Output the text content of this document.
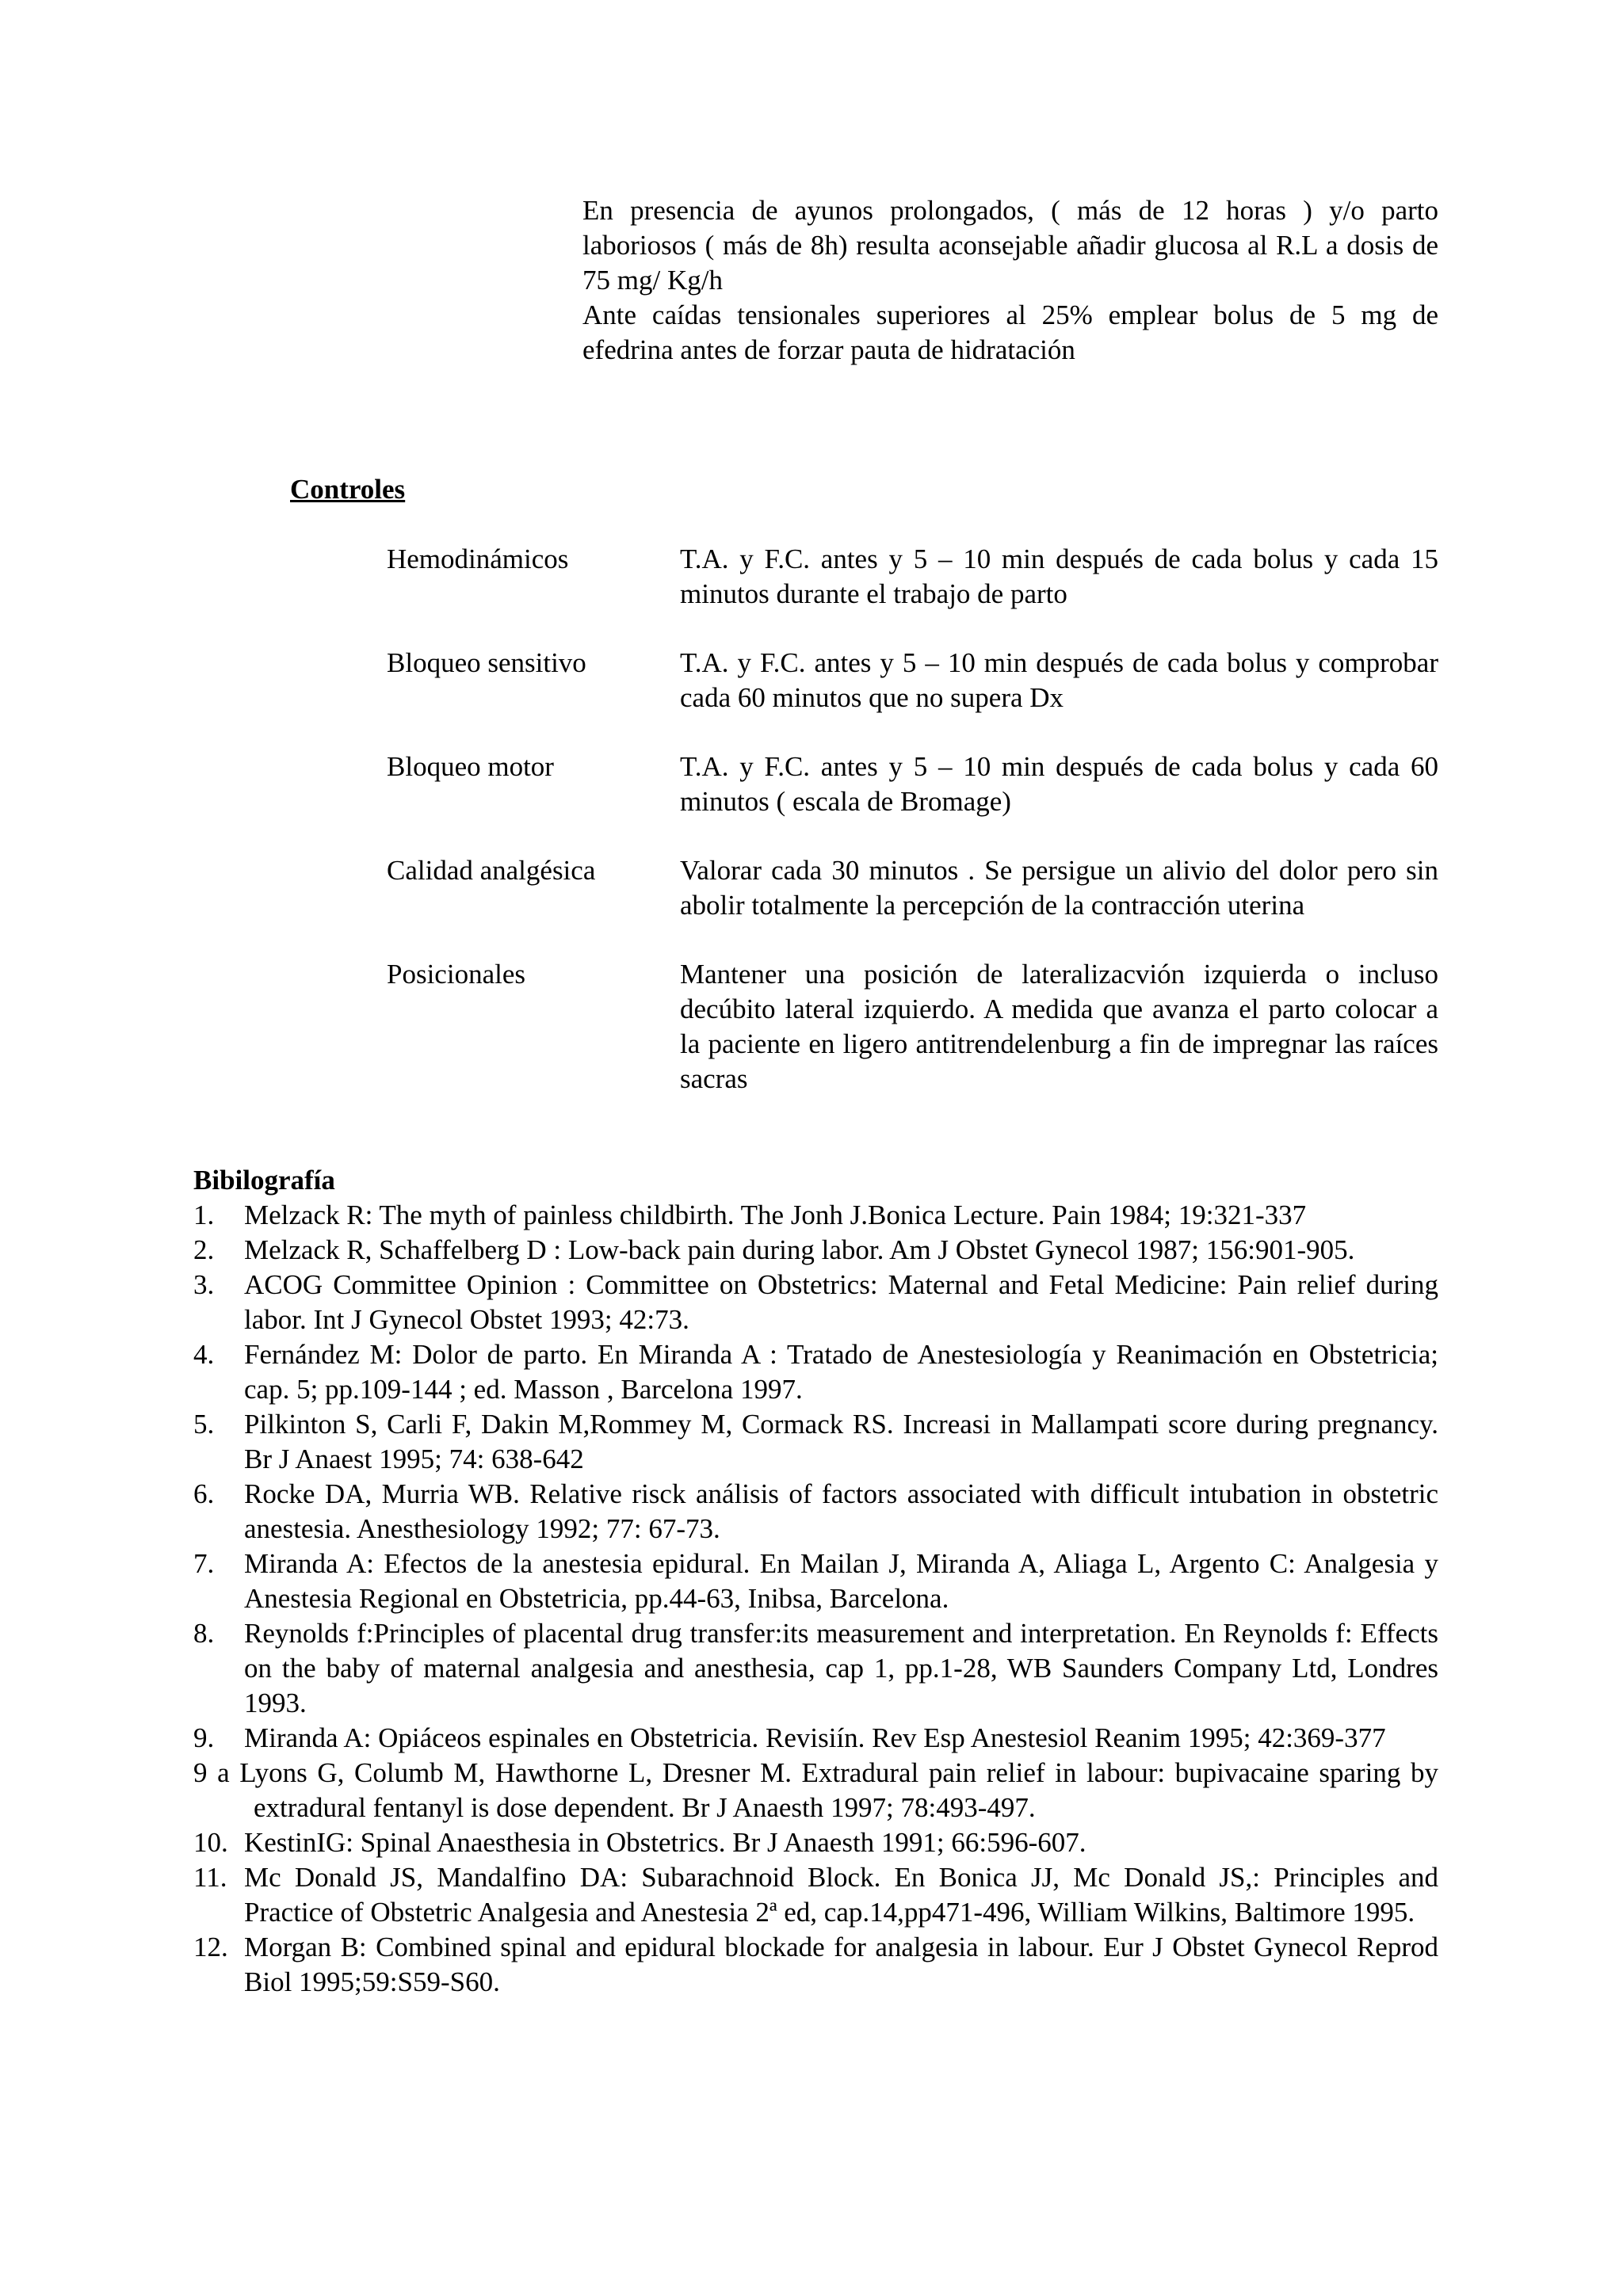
En presencia de ayunos prolongados, ( más de 12 horas ) y/o parto laboriosos ( más de 8h) resulta aconsejable añadir glucosa al R.L a dosis de 75 mg/ Kg/h

Ante caídas tensionales superiores al 25% emplear bolus de 5 mg de efedrina antes de forzar pauta de hidratación

Controles
Hemodinámicos	T.A. y F.C. antes y 5 – 10 min después de cada bolus y cada 15 minutos durante el trabajo de parto
Bloqueo sensitivo	T.A. y F.C. antes y 5 – 10 min después de cada bolus y comprobar cada 60 minutos que no supera Dx
Bloqueo motor	T.A. y F.C. antes y 5 – 10 min después de cada bolus y cada 60 minutos ( escala de Bromage)
Calidad analgésica	Valorar cada 30 minutos . Se persigue un alivio del dolor pero sin abolir totalmente la percepción de la contracción uterina
Posicionales	Mantener una posición de lateralizacvión izquierda o incluso decúbito lateral izquierdo. A medida que avanza el parto colocar a la paciente en ligero antitrendelenburg a fin de impregnar las raíces sacras

Bibilografía

1. Melzack R: The myth of painless childbirth. The Jonh J.Bonica Lecture. Pain 1984; 19:321-337
2. Melzack R, Schaffelberg D : Low-back pain during labor. Am J Obstet Gynecol 1987; 156:901-905.
3. ACOG Committee Opinion : Committee on Obstetrics: Maternal and Fetal Medicine: Pain relief during labor. Int J Gynecol Obstet 1993; 42:73.
4. Fernández M: Dolor de parto. En Miranda A : Tratado de Anestesiología y Reanimación en Obstetricia; cap. 5; pp.109-144 ; ed. Masson , Barcelona 1997.
5. Pilkinton S, Carli F, Dakin M,Rommey M, Cormack RS. Increasi in Mallampati score during pregnancy. Br J Anaest 1995; 74: 638-642
6. Rocke DA, Murria WB. Relative risck análisis of factors associated with difficult intubation in obstetric anestesia. Anesthesiology 1992; 77: 67-73.
7. Miranda A: Efectos de la anestesia epidural. En Mailan J, Miranda A, Aliaga L, Argento C: Analgesia y Anestesia Regional en Obstetricia, pp.44-63, Inibsa, Barcelona.
8. Reynolds f:Principles of placental drug transfer:its measurement and interpretation. En Reynolds f: Effects on the baby of maternal analgesia and anesthesia, cap 1, pp.1-28, WB Saunders Company Ltd, Londres 1993.
9. Miranda A: Opiáceos espinales en Obstetricia. Revisiín. Rev Esp Anestesiol Reanim 1995; 42:369-377
9 a Lyons G, Columb M, Hawthorne L, Dresner M. Extradural pain relief in labour: bupivacaine sparing by extradural fentanyl is dose dependent. Br J Anaesth 1997; 78:493-497.
10. KestinIG: Spinal Anaesthesia in Obstetrics. Br J Anaesth 1991; 66:596-607.
11. Mc Donald JS, Mandalfino DA: Subarachnoid Block. En Bonica JJ, Mc Donald JS,: Principles and Practice of Obstetric Analgesia and Anestesia 2ª ed, cap.14,pp471-496, William Wilkins, Baltimore 1995.
12. Morgan B: Combined spinal and epidural blockade for analgesia in labour. Eur J Obstet Gynecol Reprod Biol 1995;59:S59-S60.
